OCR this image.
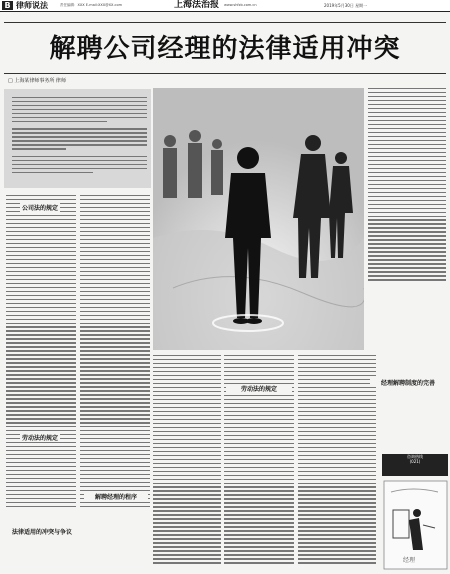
B 律师说法	责任编辑：XXX E-mail:XXX@XX.com	上海法治报 www.shfzb.com.cn	2019年5月30日 星期一
解聘公司经理的法律适用冲突
□ 上海某律师事务所 律师
公司法的规定
劳动法的规定
法律适用的冲突与争议
解聘经理的程序
劳动法的规定
经理解聘制度的完善
咨询热线
(021)
经理
